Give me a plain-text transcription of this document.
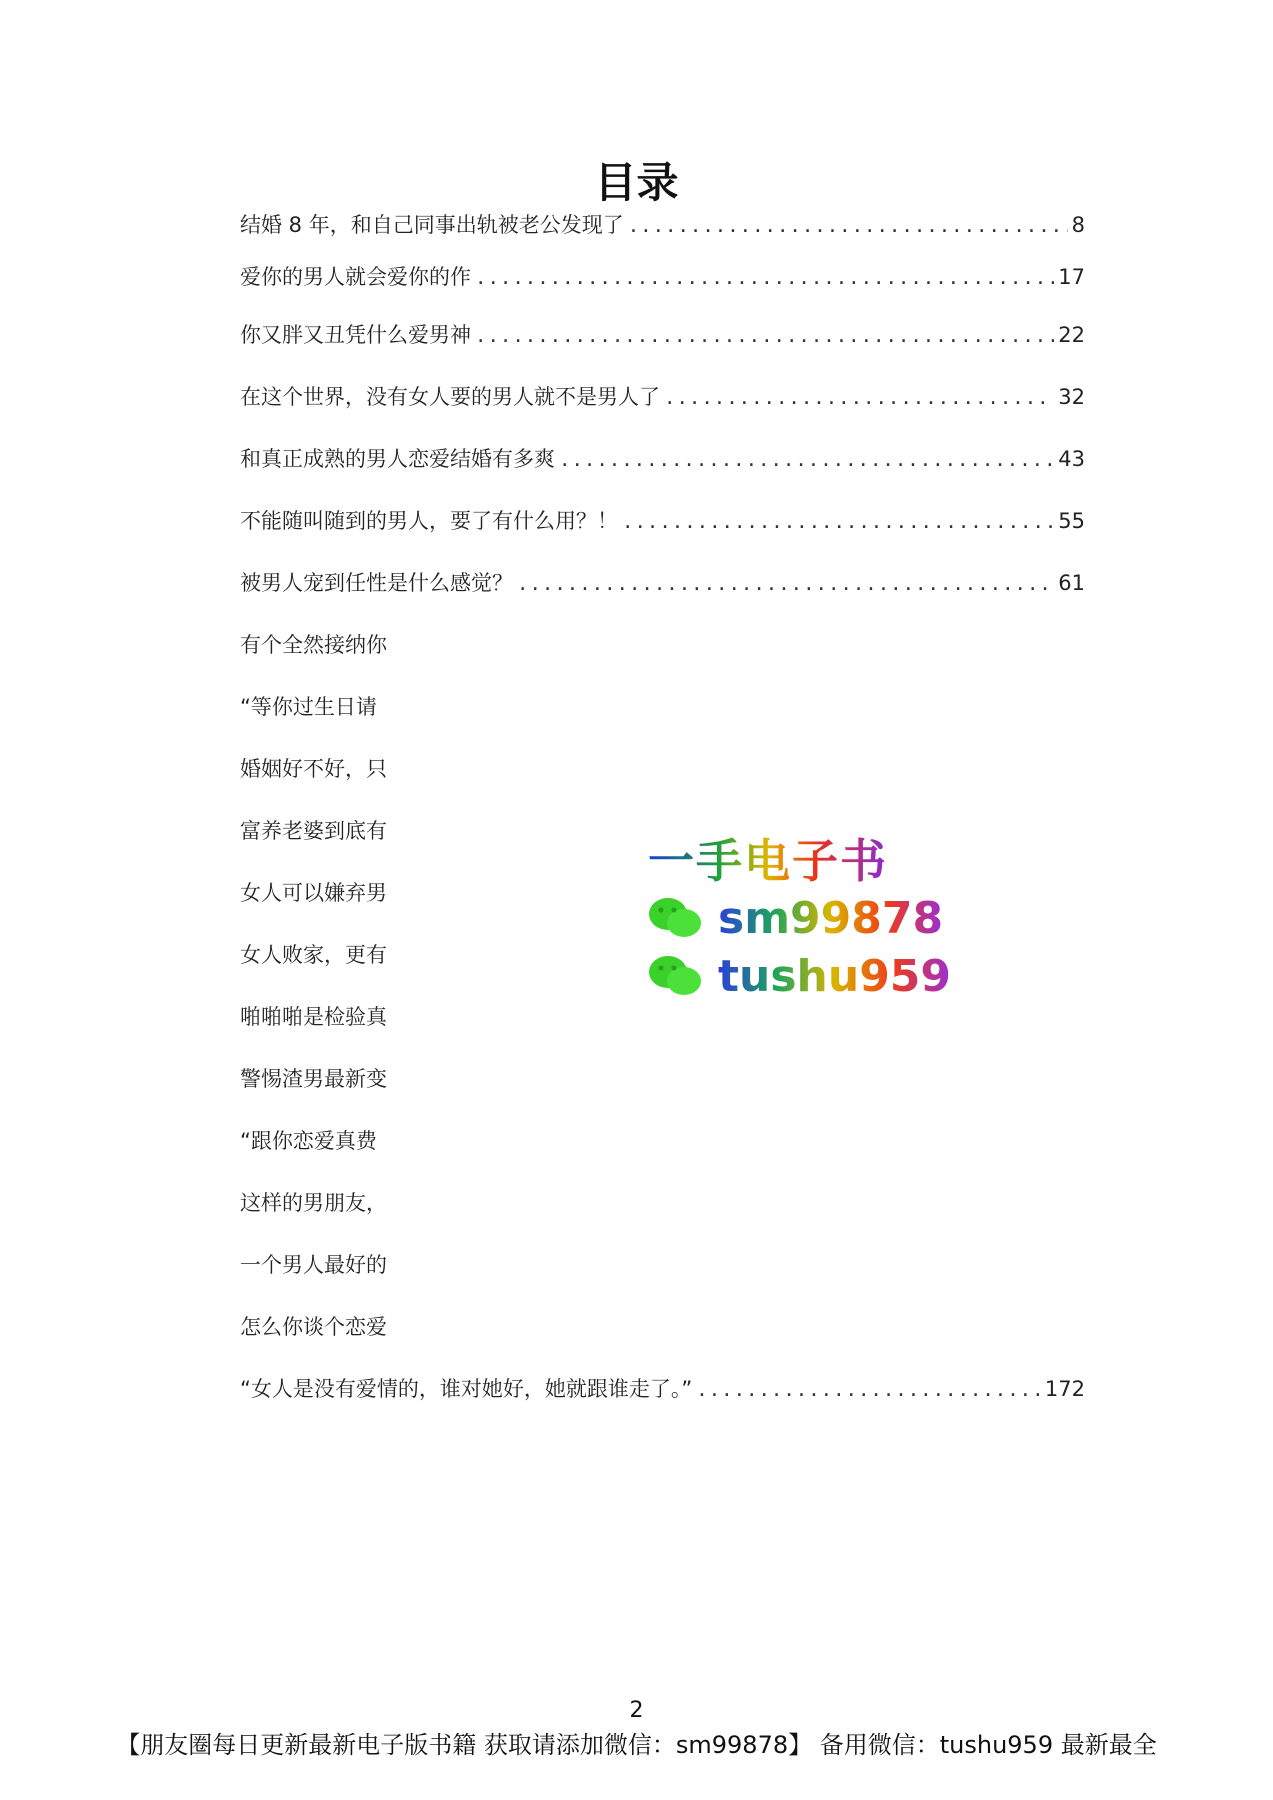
目录
结婚 8 年，和自己同事出轨被老公发现了 .....	8
爱你的男人就会爱你的作 .....	17
你又胖又丑凭什么爱男神 .....	22
在这个世界，没有女人要的男人就不是男人了 .....	32
和真正成熟的男人恋爱结婚有多爽 .....	43
不能随叫随到的男人，要了有什么用？！ .....	55
被男人宠到任性是什么感觉？ .....	61
有个全然接纳你
“等你过生日请
婚姻好不好，只
富养老婆到底有
女人可以嫌弃男
女人败家，更有
啪啪啪是检验真
警惕渣男最新变
“跟你恋爱真费
这样的男朋友，
一个男人最好的
怎么你谈个恋爱
“女人是没有爱情的，谁对她好，她就跟谁走了。” .....	172
一手电子书
sm99878
tushu959
2
【朋友圈每日更新最新电子版书籍 获取请添加微信：sm99878】 备用微信：tushu959 最新最全
